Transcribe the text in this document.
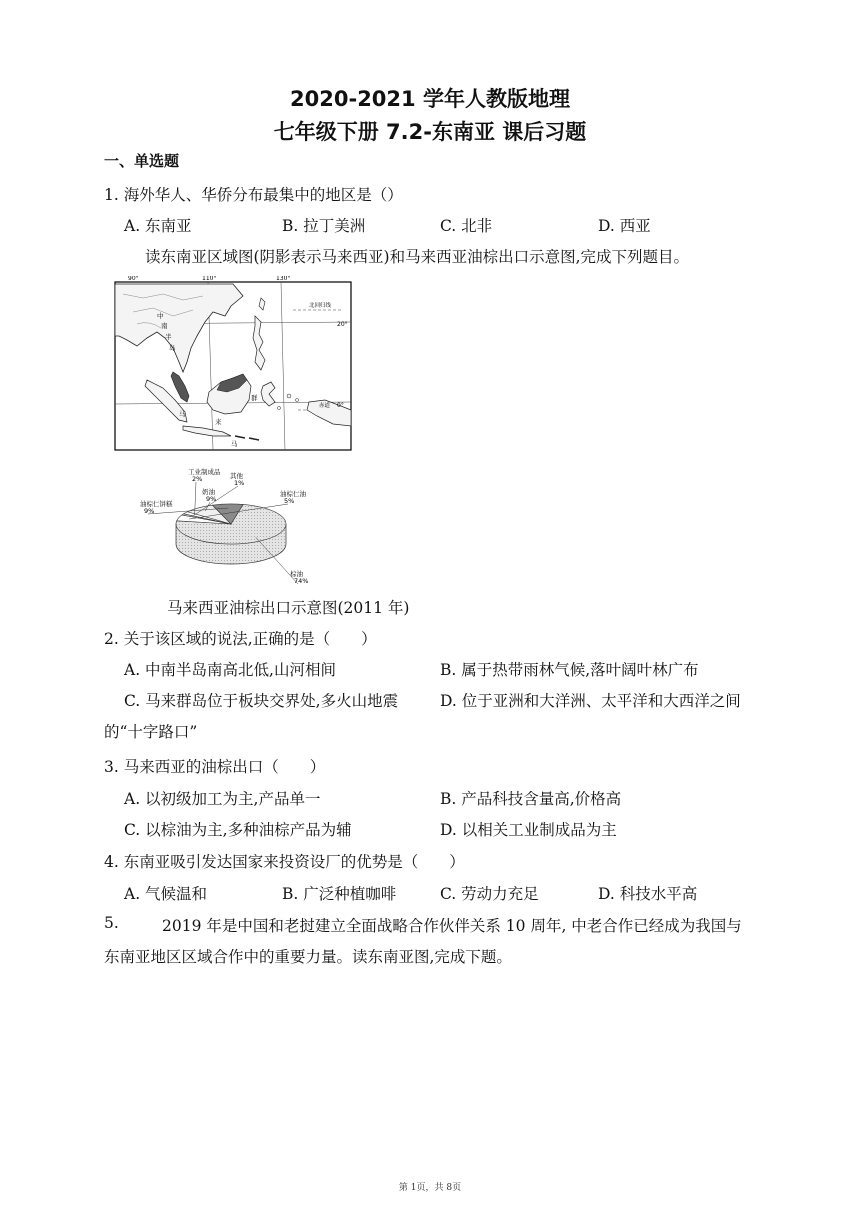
2020-2021 学年人教版地理
七年级下册 7.2-东南亚 课后习题
一、单选题
1. 海外华人、华侨分布最集中的地区是（）
A. 东南亚	B. 拉丁美洲	C. 北非	D. 西亚
读东南亚区域图(阴影表示马来西亚)和马来西亚油棕出口示意图,完成下列题目。
90°	110°	130°
20°
0°
北回归线
赤道
中
南
半
岛
马
群
来
马
棕油
74%
油棕仁油
5%
其他
1%
工业制成品
2%
奶油
9%
油棕仁饼糕
9%
马来西亚油棕出口示意图(2011 年)
2. 关于该区域的说法,正确的是（　　）
A. 中南半岛南高北低,山河相间	B. 属于热带雨林气候,落叶阔叶林广布
C. 马来群岛位于板块交界处,多火山地震	D. 位于亚洲和大洋洲、太平洋和大西洋之间
的“十字路口”
3. 马来西亚的油棕出口（　　）
A. 以初级加工为主,产品单一	B. 产品科技含量高,价格高
C. 以棕油为主,多种油棕产品为辅	D. 以相关工业制成品为主
4. 东南亚吸引发达国家来投资设厂的优势是（　　）
A. 气候温和	B. 广泛种植咖啡	C. 劳动力充足	D. 科技水平高
5.	2019 年是中国和老挝建立全面战略合作伙伴关系 10 周年, 中老合作已经成为我国与
东南亚地区区域合作中的重要力量。读东南亚图,完成下题。
第 1页，共 8页
